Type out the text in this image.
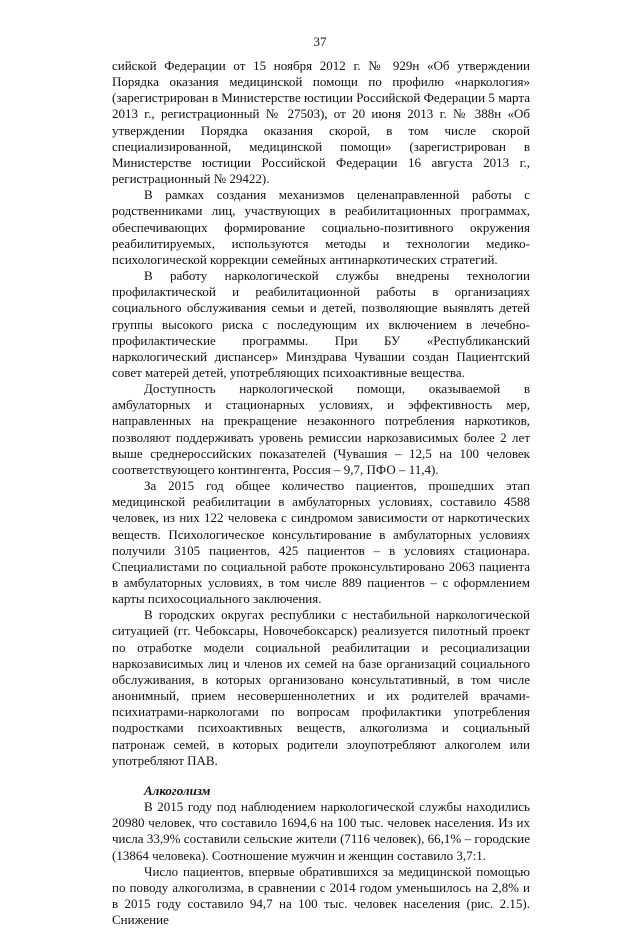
37

сийской Федерации от 15 ноября 2012 г. № 929н «Об утверждении Порядка оказания медицинской помощи по профилю «наркология» (зарегистрирован в Министерстве юстиции Российской Федерации 5 марта 2013 г., регистрационный № 27503), от 20 июня 2013 г. № 388н «Об утверждении Порядка оказания скорой, в том числе скорой специализированной, медицинской помощи» (зарегистрирован в Министерстве юстиции Российской Федерации 16 августа 2013 г., регистрационный № 29422).

В рамках создания механизмов целенаправленной работы с родственниками лиц, участвующих в реабилитационных программах, обеспечивающих формирование социально-позитивного окружения реабилитируемых, используются методы и технологии медико-психологической коррекции семейных антинаркотических стратегий.

В работу наркологической службы внедрены технологии профилактической и реабилитационной работы в организациях социального обслуживания семьи и детей, позволяющие выявлять детей группы высокого риска с последующим их включением в лечебно-профилактические программы. При БУ «Республиканский наркологический диспансер» Минздрава Чувашии создан Пациентский совет матерей детей, употребляющих психоактивные вещества.

Доступность наркологической помощи, оказываемой в амбулаторных и стационарных условиях, и эффективность мер, направленных на прекращение незаконного потребления наркотиков, позволяют поддерживать уровень ремиссии наркозависимых более 2 лет выше среднероссийских показателей (Чувашия – 12,5 на 100 человек соответствующего контингента, Россия – 9,7, ПФО – 11,4).

За 2015 год общее количество пациентов, прошедших этап медицинской реабилитации в амбулаторных условиях, составило 4588 человек, из них 122 человека с синдромом зависимости от наркотических веществ. Психологическое консультирование в амбулаторных условиях получили 3105 пациентов, 425 пациентов – в условиях стационара. Специалистами по социальной работе проконсультировано 2063 пациента в амбулаторных условиях, в том числе 889 пациентов – с оформлением карты психосоциального заключения.

В городских округах республики с нестабильной наркологической ситуацией (гг. Чебоксары, Новочебоксарск) реализуется пилотный проект по отработке модели социальной реабилитации и ресоциализации наркозависимых лиц и членов их семей на базе организаций социального обслуживания, в которых организовано консультативный, в том числе анонимный, прием несовершеннолетних и их родителей врачами-психиатрами-наркологами по вопросам профилактики употребления подростками психоактивных веществ, алкоголизма и социальный патронаж семей, в которых родители злоупотребляют алкоголем или употребляют ПАВ.

Алкоголизм

В 2015 году под наблюдением наркологической службы находились 20980 человек, что составило 1694,6 на 100 тыс. человек населения. Из их числа 33,9% составили сельские жители (7116 человек), 66,1% – городские (13864 человека). Соотношение мужчин и женщин составило 3,7:1.

Число пациентов, впервые обратившихся за медицинской помощью по поводу алкоголизма, в сравнении с 2014 годом уменьшилось на 2,8% и в 2015 году составило 94,7 на 100 тыс. человек населения (рис. 2.15). Снижение
